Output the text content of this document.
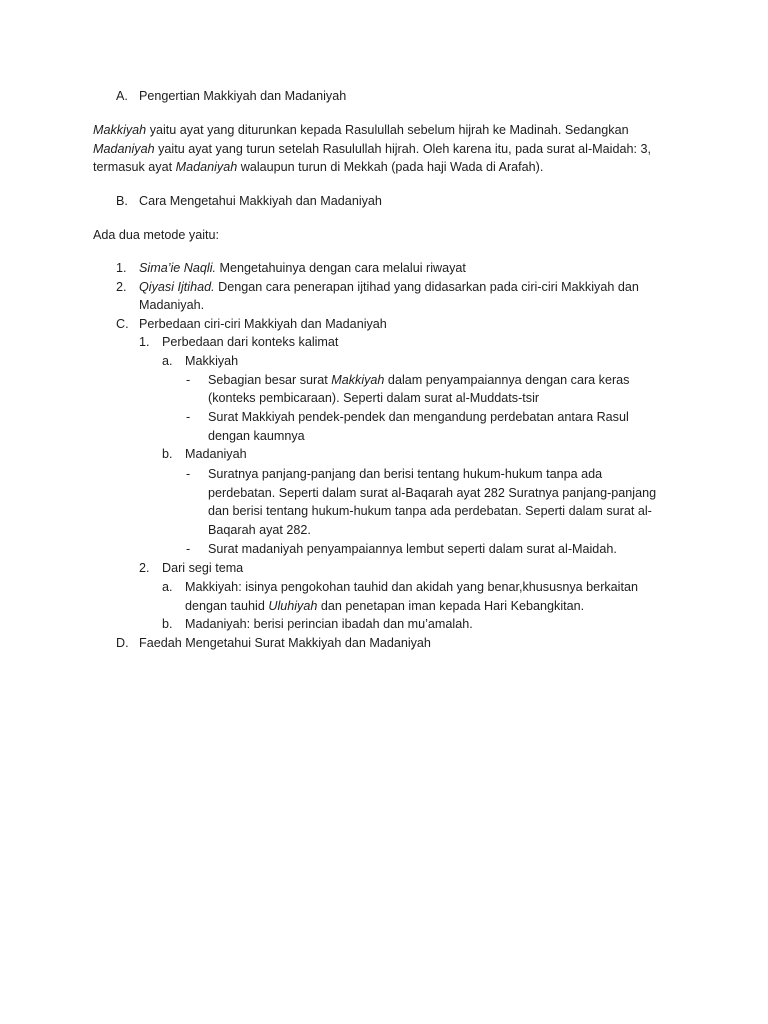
A. Pengertian Makkiyah dan Madaniyah
Makkiyah yaitu ayat yang diturunkan kepada Rasulullah sebelum hijrah ke Madinah. Sedangkan
Madaniyah yaitu ayat yang turun setelah Rasulullah hijrah. Oleh karena itu, pada surat al-Maidah: 3,
termasuk ayat Madaniyah walaupun turun di Mekkah (pada haji Wada di Arafah).
B. Cara Mengetahui Makkiyah dan Madaniyah
Ada dua metode yaitu:
1. Sima’ie Naqli. Mengetahuinya dengan cara melalui riwayat
2. Qiyasi Ijtihad. Dengan cara penerapan ijtihad yang didasarkan pada ciri-ciri Makkiyah dan
Madaniyah.
C. Perbedaan ciri-ciri Makkiyah dan Madaniyah
1. Perbedaan dari konteks kalimat
a. Makkiyah
- Sebagian besar surat Makkiyah dalam penyampaiannya dengan cara keras
(konteks pembicaraan). Seperti dalam surat al-Muddats-tsir
- Surat Makkiyah pendek-pendek dan mengandung perdebatan antara Rasul
dengan kaumnya
b. Madaniyah
- Suratnya panjang-panjang dan berisi tentang hukum-hukum tanpa ada
perdebatan. Seperti dalam surat al-Baqarah ayat 282 Suratnya panjang-panjang
dan berisi tentang hukum-hukum tanpa ada perdebatan. Seperti dalam surat al-
Baqarah ayat 282.
- Surat madaniyah penyampaiannya lembut seperti dalam surat al-Maidah.
2. Dari segi tema
a. Makkiyah: isinya pengokohan tauhid dan akidah yang benar,khususnya berkaitan
dengan tauhid Uluhiyah dan penetapan iman kepada Hari Kebangkitan.
b. Madaniyah: berisi perincian ibadah dan mu’amalah.
D. Faedah Mengetahui Surat Makkiyah dan Madaniyah
